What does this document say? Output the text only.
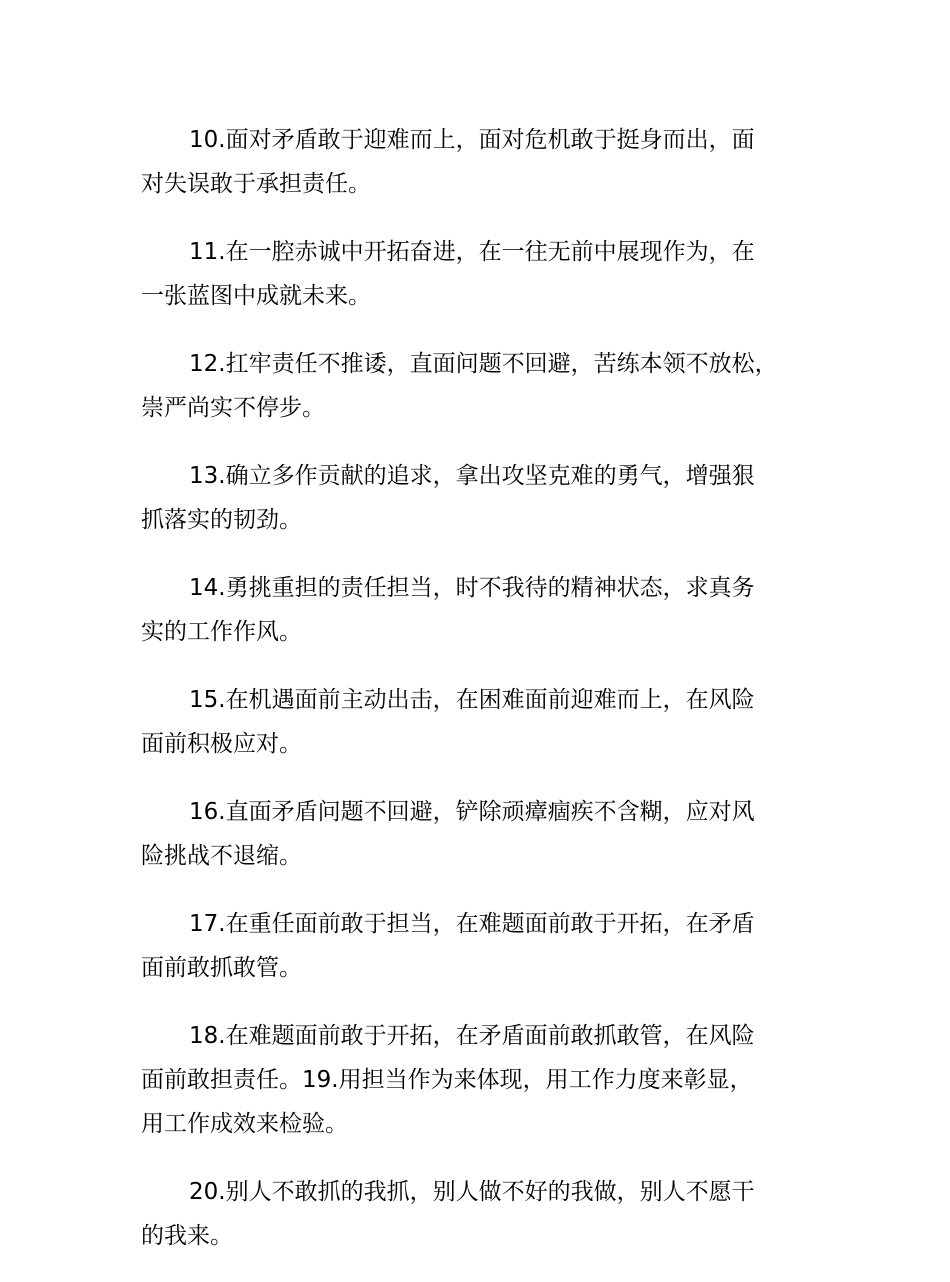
10.面对矛盾敢于迎难而上，面对危机敢于挺身而出，面
对失误敢于承担责任。

11.在一腔赤诚中开拓奋进，在一往无前中展现作为，在
一张蓝图中成就未来。

12.扛牢责任不推诿，直面问题不回避，苦练本领不放松，
崇严尚实不停步。

13.确立多作贡献的追求，拿出攻坚克难的勇气，增强狠
抓落实的韧劲。

14.勇挑重担的责任担当，时不我待的精神状态，求真务
实的工作作风。

15.在机遇面前主动出击，在困难面前迎难而上，在风险
面前积极应对。

16.直面矛盾问题不回避，铲除顽瘴痼疾不含糊，应对风
险挑战不退缩。

17.在重任面前敢于担当，在难题面前敢于开拓，在矛盾
面前敢抓敢管。

18.在难题面前敢于开拓，在矛盾面前敢抓敢管，在风险
面前敢担责任。19.用担当作为来体现，用工作力度来彰显，
用工作成效来检验。

20.别人不敢抓的我抓，别人做不好的我做，别人不愿干
的我来。
